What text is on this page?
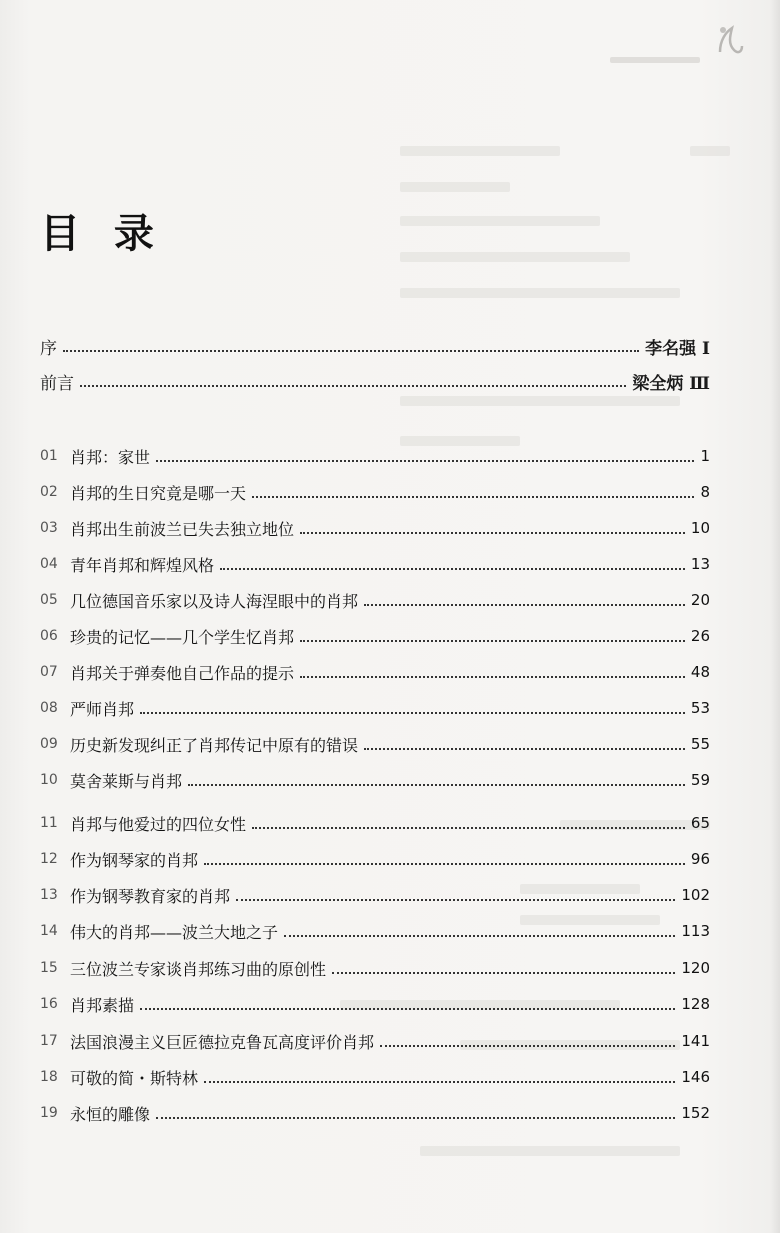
目 录
序	李名强 Ⅰ
前言	梁全炳 Ⅲ
01 肖邦：家世	1
02 肖邦的生日究竟是哪一天	8
03 肖邦出生前波兰已失去独立地位	10
04 青年肖邦和辉煌风格	13
05 几位德国音乐家以及诗人海涅眼中的肖邦	20
06 珍贵的记忆——几个学生忆肖邦	26
07 肖邦关于弹奏他自己作品的提示	48
08 严师肖邦	53
09 历史新发现纠正了肖邦传记中原有的错误	55
10 莫舍莱斯与肖邦	59
11 肖邦与他爱过的四位女性	65
12 作为钢琴家的肖邦	96
13 作为钢琴教育家的肖邦	102
14 伟大的肖邦——波兰大地之子	113
15 三位波兰专家谈肖邦练习曲的原创性	120
16 肖邦素描	128
17 法国浪漫主义巨匠德拉克鲁瓦高度评价肖邦	141
18 可敬的简・斯特林	146
19 永恒的雕像	152
